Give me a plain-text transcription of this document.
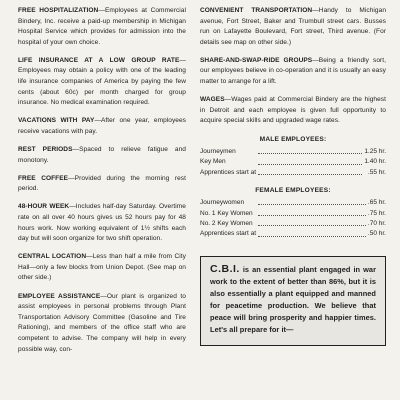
FREE HOSPITALIZATION—Employees at Commercial Bindery, Inc. receive a paid-up membership in Michigan Hospital Service which provides for admission into the hospital of your own choice.

LIFE INSURANCE AT A LOW GROUP RATE—Employees may obtain a policy with one of the leading life insurance companies of America by paying the few cents (about 60c) per month charged for group insurance. No medical examination required.

VACATIONS WITH PAY—After one year, employees receive vacations with pay.

REST PERIODS—Spaced to relieve fatigue and monotony.

FREE COFFEE—Provided during the morning rest period.

48-HOUR WEEK—Includes half-day Saturday. Overtime rate on all over 40 hours gives us 52 hours pay for 48 hours work. Now working equivalent of 1½ shifts each day but will soon organize for two shift operation.

CENTRAL LOCATION—Less than half a mile from City Hall—only a few blocks from Union Depot. (See map on other side.)

EMPLOYEE ASSISTANCE—Our plant is organized to assist employees in personal problems through Plant Transportation Advisory Committee (Gasoline and Tire Rationing), and members of the office staff who are competent to advise. The company will help in every possible way, con-

CONVENIENT TRANSPORTATION—Handy to Michigan avenue, Fort Street, Baker and Trumbull street cars. Busses run on Lafayette Boulevard, Fort street, Third avenue. (For details see map on other side.)

SHARE-AND-SWAP-RIDE GROUPS—Being a friendly sort, our employees believe in co-operation and it is usually an easy matter to arrange for a lift.

WAGES—Wages paid at Commercial Bindery are the highest in Detroit and each employee is given full opportunity to acquire special skills and upgraded wage rates.

MALE EMPLOYEES:
Journeymen		1.25 hr.
Key Men		1.40 hr.
Apprentices start at		.55 hr.
FEMALE EMPLOYEES:
Journeywomen		.65 hr.
No. 1 Key Women		.75 hr.
No. 2 Key Women		.70 hr.
Apprentices start at		.50 hr.

C.B.I. is an essential plant engaged in war work to the extent of better than 86%, but it is also essentially a plant equipped and manned for peacetime production. We believe that peace will bring prosperity and happier times. Let's all prepare for it—
